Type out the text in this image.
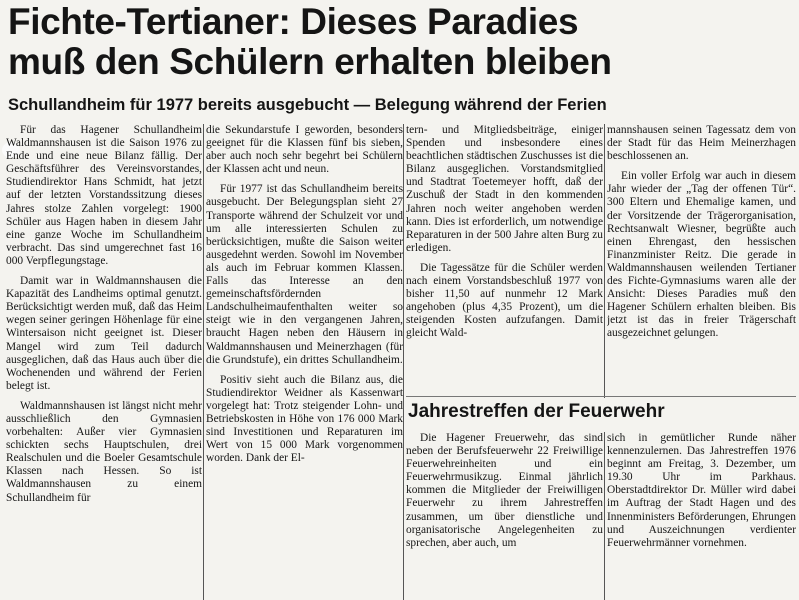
Fichte-Tertianer: Dieses Paradies
muß den Schülern erhalten bleiben
Schullandheim für 1977 bereits ausgebucht — Belegung während der Ferien

Für das Hagener Schullandheim Waldmannshausen ist die Saison 1976 zu Ende und eine neue Bilanz fällig. Der Geschäftsführer des Vereinsvorstandes, Studiendirektor Hans Schmidt, hat jetzt auf der letzten Vorstandssitzung dieses Jahres stolze Zahlen vorgelegt: 1900 Schüler aus Hagen haben in diesem Jahr eine ganze Woche im Schullandheim verbracht. Das sind umgerechnet fast 16 000 Verpflegungstage.

Damit war in Waldmannshausen die Kapazität des Landheims optimal genutzt. Berücksichtigt werden muß, daß das Heim wegen seiner geringen Höhenlage für eine Wintersaison nicht geeignet ist. Dieser Mangel wird zum Teil dadurch ausgeglichen, daß das Haus auch über die Wochenenden und während der Ferien belegt ist.

Waldmannshausen ist längst nicht mehr ausschließlich den Gymnasien vorbehalten: Außer vier Gymnasien schickten sechs Hauptschulen, drei Realschulen und die Boeler Gesamtschule Klassen nach Hessen. So ist Waldmannshausen zu einem Schullandheim für

die Sekundarstufe I geworden, besonders geeignet für die Klassen fünf bis sieben, aber auch noch sehr begehrt bei Schülern der Klassen acht und neun.

Für 1977 ist das Schullandheim bereits ausgebucht. Der Belegungsplan sieht 27 Transporte während der Schulzeit vor und um alle interessierten Schulen zu berücksichtigen, mußte die Saison weiter ausgedehnt werden. Sowohl im November als auch im Februar kommen Klassen. Falls das Interesse an den gemeinschaftsfördernden Landschulheimaufenthalten weiter so steigt wie in den vergangenen Jahren, braucht Hagen neben den Häusern in Waldmannshausen und Meinerzhagen (für die Grundstufe), ein drittes Schullandheim.

Positiv sieht auch die Bilanz aus, die Studiendirektor Weidner als Kassenwart vorgelegt hat: Trotz steigender Lohn- und Betriebskosten in Höhe von 176 000 Mark sind Investitionen und Reparaturen im Wert von 15 000 Mark vorgenommen worden. Dank der El-

tern- und Mitgliedsbeiträge, einiger Spenden und insbesondere eines beachtlichen städtischen Zuschusses ist die Bilanz ausgeglichen. Vorstandsmitglied und Stadtrat Toetemeyer hofft, daß der Zuschuß der Stadt in den kommenden Jahren noch weiter angehoben werden kann. Dies ist erforderlich, um notwendige Reparaturen in der 500 Jahre alten Burg zu erledigen.

Die Tagessätze für die Schüler werden nach einem Vorstandsbeschluß 1977 von bisher 11,50 auf nunmehr 12 Mark angehoben (plus 4,35 Prozent), um die steigenden Kosten aufzufangen. Damit gleicht Wald-

mannshausen seinen Tagessatz dem von der Stadt für das Heim Meinerzhagen beschlossenen an.

Ein voller Erfolg war auch in diesem Jahr wieder der „Tag der offenen Tür“. 300 Eltern und Ehemalige kamen, und der Vorsitzende der Trägerorganisation, Rechtsanwalt Wiesner, begrüßte auch einen Ehrengast, den hessischen Finanzminister Reitz. Die gerade in Waldmannshausen weilenden Tertianer des Fichte-Gymnasiums waren alle der Ansicht: Dieses Paradies muß den Hagener Schülern erhalten bleiben. Bis jetzt ist das in freier Trägerschaft ausgezeichnet gelungen.

Jahrestreffen der Feuerwehr

Die Hagener Freuerwehr, das sind neben der Berufsfeuerwehr 22 Freiwillige Feuerwehreinheiten und ein Feuerwehrmusikzug. Einmal jährlich kommen die Mitglieder der Freiwilligen Feuerwehr zu ihrem Jahrestreffen zusammen, um über dienstliche und organisatorische Angelegenheiten zu sprechen, aber auch, um

sich in gemütlicher Runde näher kennenzulernen. Das Jahrestreffen 1976 beginnt am Freitag, 3. Dezember, um 19.30 Uhr im Parkhaus. Oberstadtdirektor Dr. Müller wird dabei im Auftrag der Stadt Hagen und des Innenministers Beförderungen, Ehrungen und Auszeichnungen verdienter Feuerwehrmänner vornehmen.
